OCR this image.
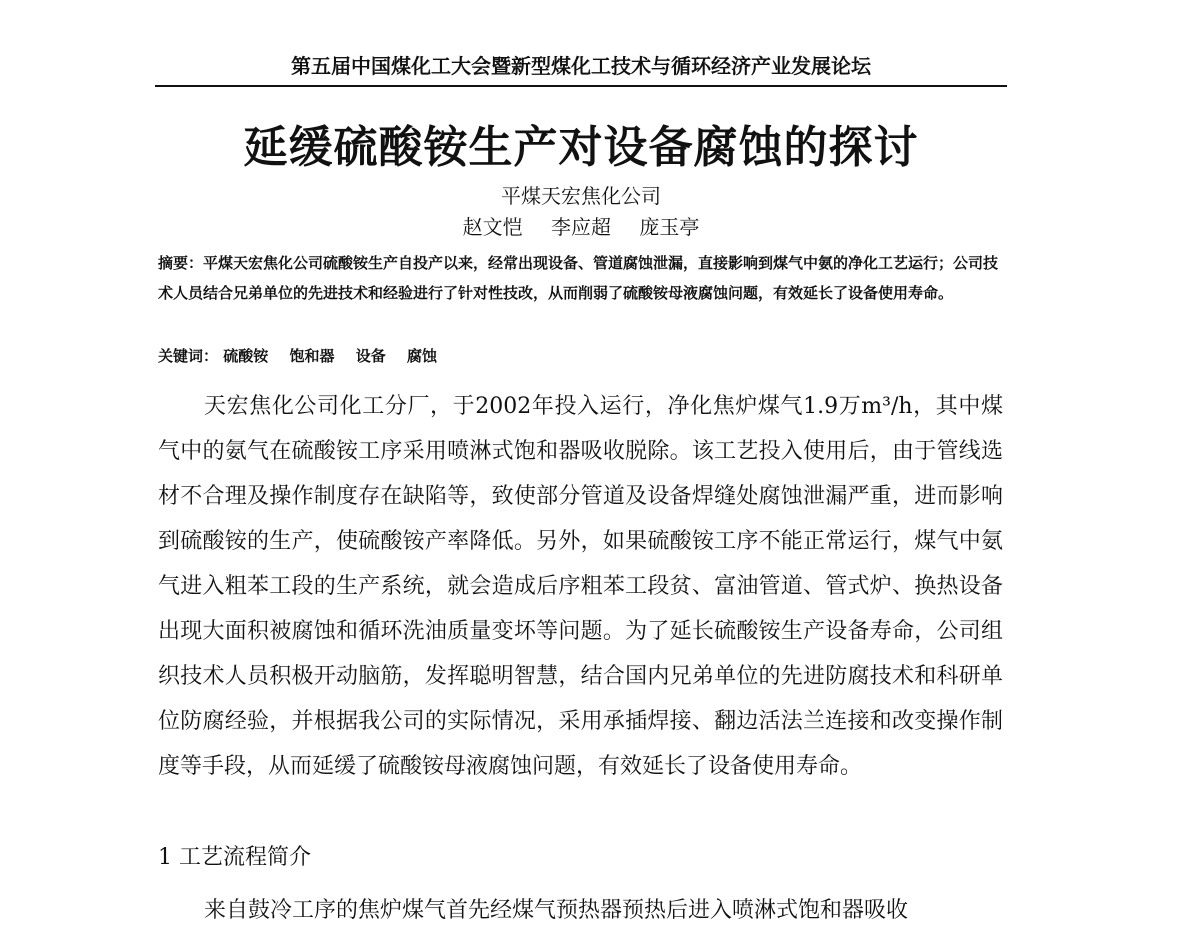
第五届中国煤化工大会暨新型煤化工技术与循环经济产业发展论坛
延缓硫酸铵生产对设备腐蚀的探讨
平煤天宏焦化公司
赵文恺 李应超 庞玉亭
摘要：平煤天宏焦化公司硫酸铵生产自投产以来，经常出现设备、管道腐蚀泄漏，直接影响到煤气中氨的净化工艺运行；公司技术人员结合兄弟单位的先进技术和经验进行了针对性技改，从而削弱了硫酸铵母液腐蚀问题，有效延长了设备使用寿命。
关键词： 硫酸铵 饱和器 设备 腐蚀
天宏焦化公司化工分厂，于2002年投入运行，净化焦炉煤气1.9万m³/h，其中煤气中的氨气在硫酸铵工序采用喷淋式饱和器吸收脱除。该工艺投入使用后，由于管线选材不合理及操作制度存在缺陷等，致使部分管道及设备焊缝处腐蚀泄漏严重，进而影响到硫酸铵的生产，使硫酸铵产率降低。另外，如果硫酸铵工序不能正常运行，煤气中氨气进入粗苯工段的生产系统，就会造成后序粗苯工段贫、富油管道、管式炉、换热设备出现大面积被腐蚀和循环洗油质量变坏等问题。为了延长硫酸铵生产设备寿命，公司组织技术人员积极开动脑筋，发挥聪明智慧，结合国内兄弟单位的先进防腐技术和科研单位防腐经验，并根据我公司的实际情况，采用承插焊接、翻边活法兰连接和改变操作制度等手段，从而延缓了硫酸铵母液腐蚀问题，有效延长了设备使用寿命。
1 工艺流程简介
来自鼓冷工序的焦炉煤气首先经煤气预热器预热后进入喷淋式饱和器吸收
